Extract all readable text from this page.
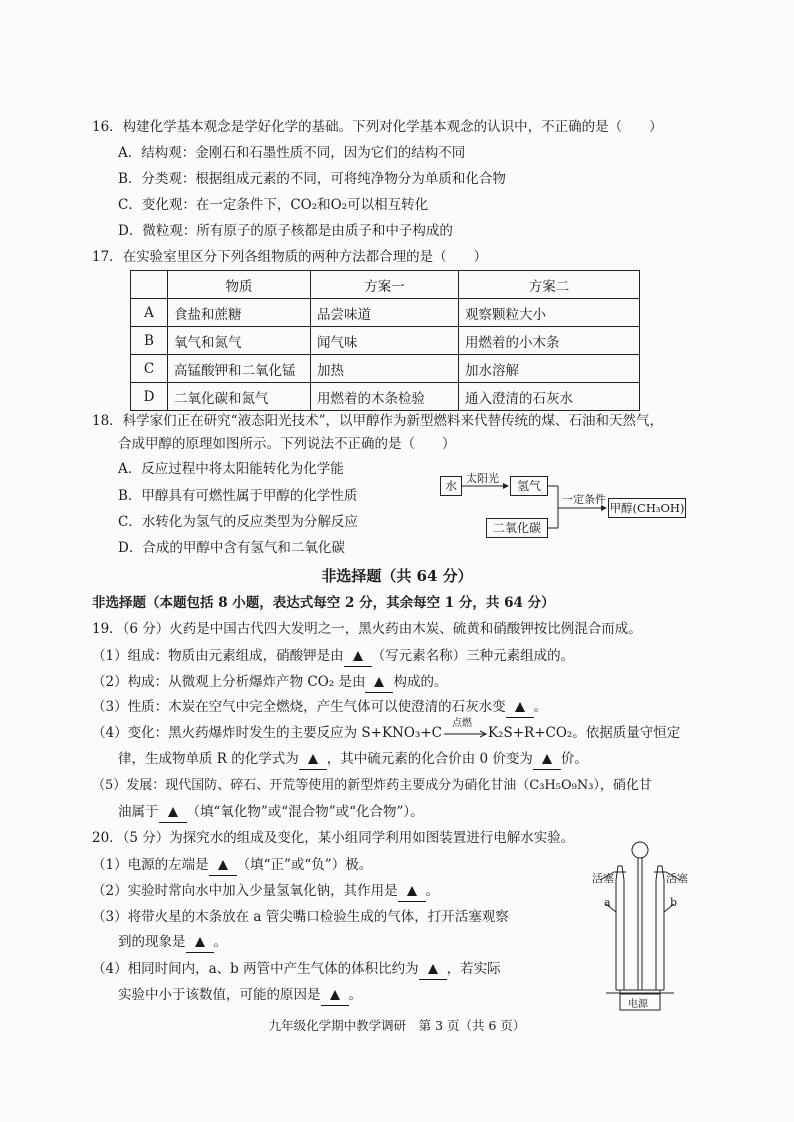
16．构建化学基本观念是学好化学的基础。下列对化学基本观念的认识中，不正确的是（　　）
A．结构观：金刚石和石墨性质不同，因为它们的结构不同
B．分类观：根据组成元素的不同，可将纯净物分为单质和化合物
C．变化观：在一定条件下，CO₂和O₂可以相互转化
D．微粒观：所有原子的原子核都是由质子和中子构成的
17．在实验室里区分下列各组物质的两种方法都合理的是（　　）
	物质	方案一	方案二
A	食盐和蔗糖	品尝味道	观察颗粒大小
B	氧气和氮气	闻气味	用燃着的小木条
C	高锰酸钾和二氧化锰	加热	加水溶解
D	二氧化碳和氮气	用燃着的木条检验	通入澄清的石灰水
18．科学家们正在研究“液态阳光技术”，以甲醇作为新型燃料来代替传统的煤、石油和天然气，
合成甲醇的原理如图所示。下列说法不正确的是（　　）
A．反应过程中将太阳能转化为化学能
B．甲醇具有可燃性属于甲醇的化学性质
C．水转化为氢气的反应类型为分解反应
D．合成的甲醇中含有氢气和二氧化碳
水
太阳光
氢气
一定条件
二氧化碳
甲醇(CH₃OH)
非选择题（共 64 分）
非选择题（本题包括 8 小题，表达式每空 2 分，其余每空 1 分，共 64 分）
19．（6 分）火药是中国古代四大发明之一，黑火药由木炭、硫黄和硝酸钾按比例混合而成。
（1）组成：物质由元素组成，硝酸钾是由 （写元素名称）三种元素组成的。
（2）构成：从微观上分析爆炸产物 CO₂ 是由 构成的。
（3）性质：木炭在空气中完全燃烧，产生气体可以使澄清的石灰水变 。
（4）变化：黑火药爆炸时发生的主要反应为 S+KNO₃+C
点燃
K₂S+R+CO₂。依据质量守恒定
律，生成物单质 R 的化学式为 ，其中硫元素的化合价由 0 价变为 价。
（5）发展：现代国防、碎石、开荒等使用的新型炸药主要成分为硝化甘油（C₃H₅O₉N₃），硝化甘
油属于 （填“氧化物”或“混合物”或“化合物”）。
20．（5 分）为探究水的组成及变化，某小组同学利用如图装置进行电解水实验。
（1）电源的左端是 （填“正”或“负”）极。
（2）实验时常向水中加入少量氢氧化钠，其作用是 。
（3）将带火星的木条放在 a 管尖嘴口检验生成的气体，打开活塞观察
到的现象是 。
（4）相同时间内，a、b 两管中产生气体的体积比约为 ，若实际
实验中小于该数值，可能的原因是 。
活塞	活塞
a	b
电源
九年级化学期中教学调研　第 3 页（共 6 页）
